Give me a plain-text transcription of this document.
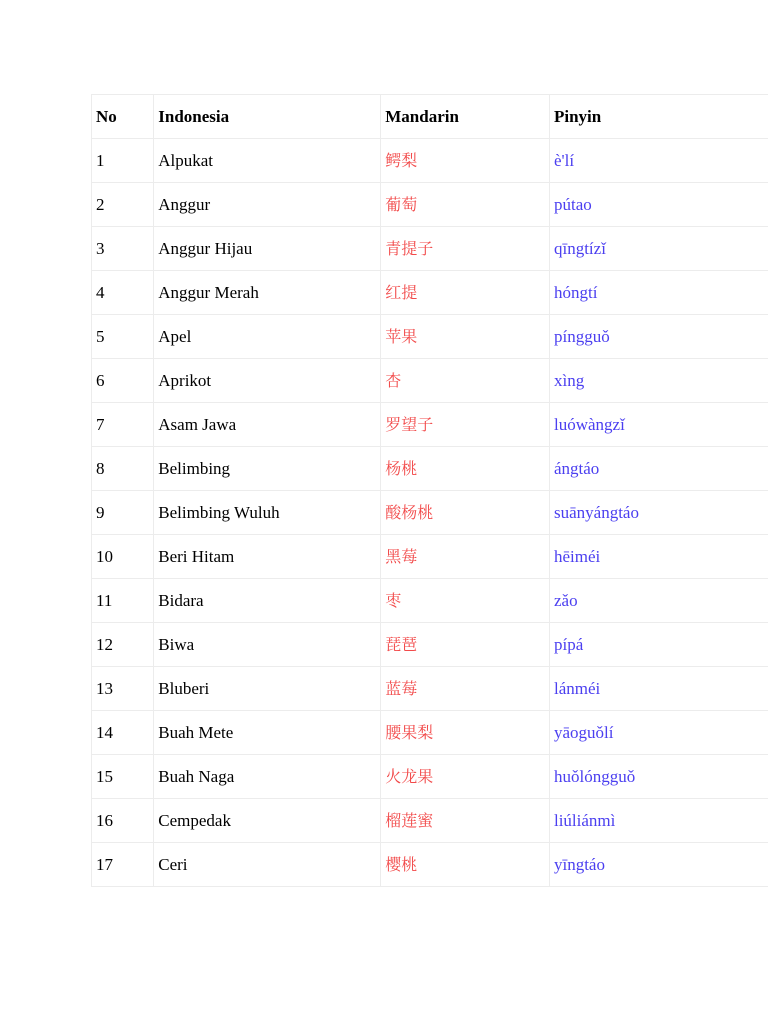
No	Indonesia	Mandarin	Pinyin
1	Alpukat	鳄梨	è'lí
2	Anggur	葡萄	pútao
3	Anggur Hijau	青提子	qīngtízǐ
4	Anggur Merah	红提	hóngtí
5	Apel	苹果	píngguǒ
6	Aprikot	杏	xìng
7	Asam Jawa	罗望子	luówàngzǐ
8	Belimbing	杨桃	ángtáo
9	Belimbing Wuluh	酸杨桃	suānyángtáo
10	Beri Hitam	黑莓	hēiméi
11	Bidara	枣	zǎo
12	Biwa	琵琶	pípá
13	Bluberi	蓝莓	lánméi
14	Buah Mete	腰果梨	yāoguǒlí
15	Buah Naga	火龙果	huǒlóngguǒ
16	Cempedak	榴莲蜜	liúliánmì
17	Ceri	樱桃	yīngtáo
